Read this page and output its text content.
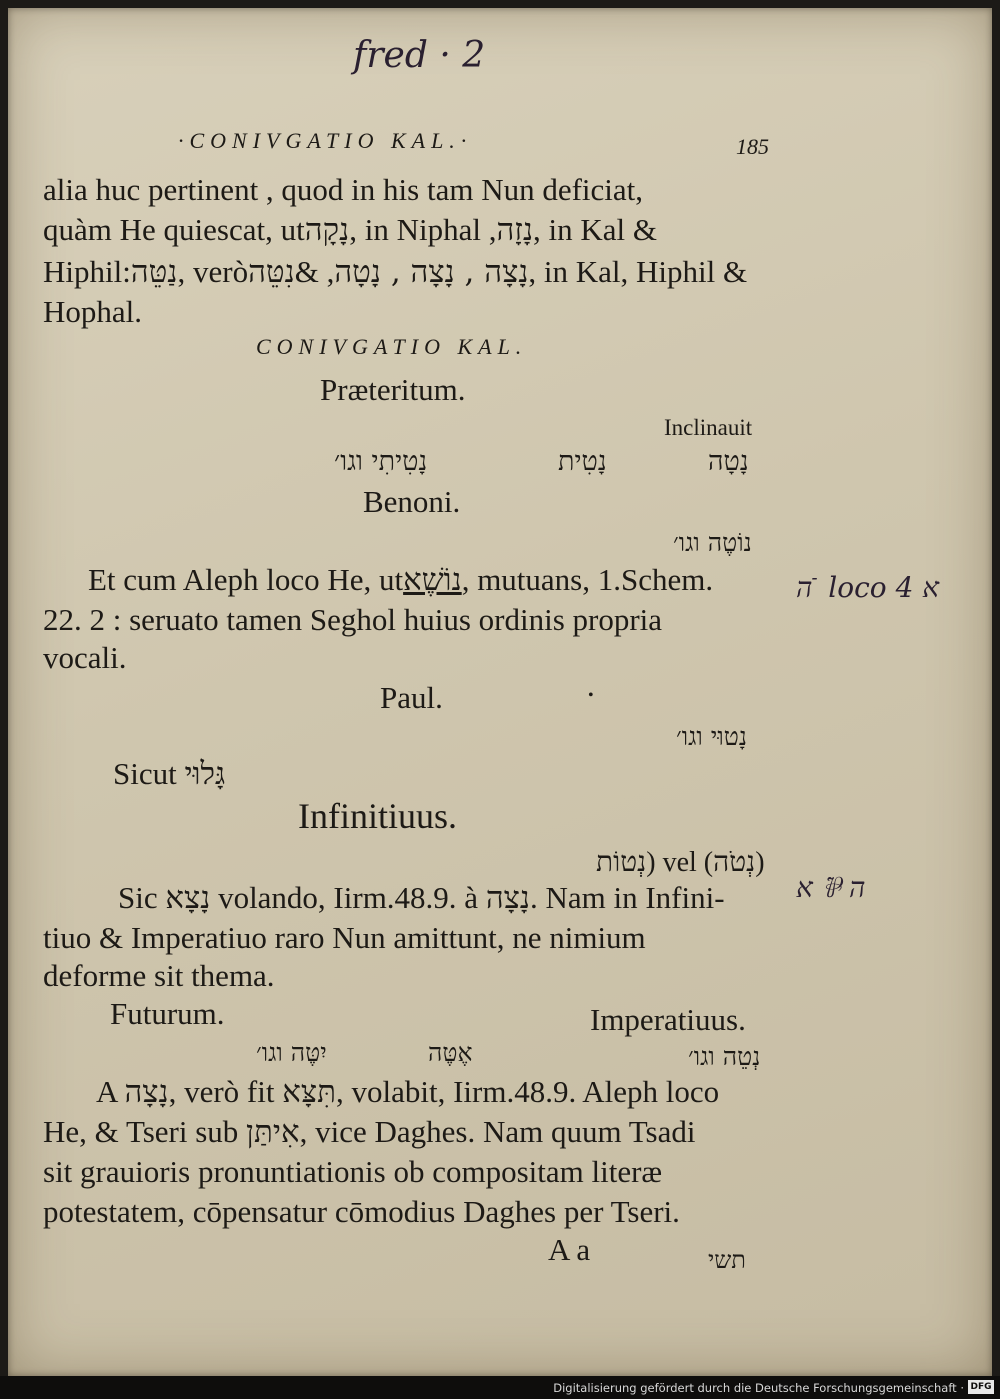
fred · 2
·CONIVGATIO KAL.·	185
alia huc pertinent , quod in his tam Nun deficiat,
quàm He quiescat, utנָקָה, in Niphal ,נָזָה, in Kal &
Hiphil:נַטֵּה, verò	נָצָה , נָצָה , נָטָה, &נִטֵּה	, in Kal, Hiphil &
Hophal.
CONIVGATIO KAL.
Præteritum.
Inclinauit
נָטָה
נָטִית
נָטִיתִי וגו׳
Benoni.
נוֹטֶה וגו׳
Et cum Aleph loco He, utנוֹשֶׁא, mutuans, 1.Schem.
22. 2 : seruato tamen Seghol huius ordinis propria
vocali.
ה ֿ loco א 4
Paul.	•
נָטוּי וגו׳
Sicut גָּלוּי
Infinitiuus.
נְטוֹת) vel (נְטֹה)
Sic נָצָא volando, Iirm.48.9. à נָצָה. Nam in Infini-
tiuo & Imperatiuo raro Nun amittunt, ne nimium
deforme sit thema.
ה ⅌ א
Futurum.	Imperatiuus.
אֶטֶּה
יִטֶּה וגו׳	נְטֵה וגו׳
A נָצָה, verò fit תִּצָּא, volabit, Iirm.48.9. Aleph loco
He, & Tseri sub אִיתַּן, vice Daghes. Nam quum Tsadi
sit grauioris pronuntiationis ob compositam literæ
potestatem, cōpensatur cōmodius Daghes per Tseri.
A a	תשי
Digitalisierung gefördert durch die Deutsche Forschungsgemeinschaft · DFG
